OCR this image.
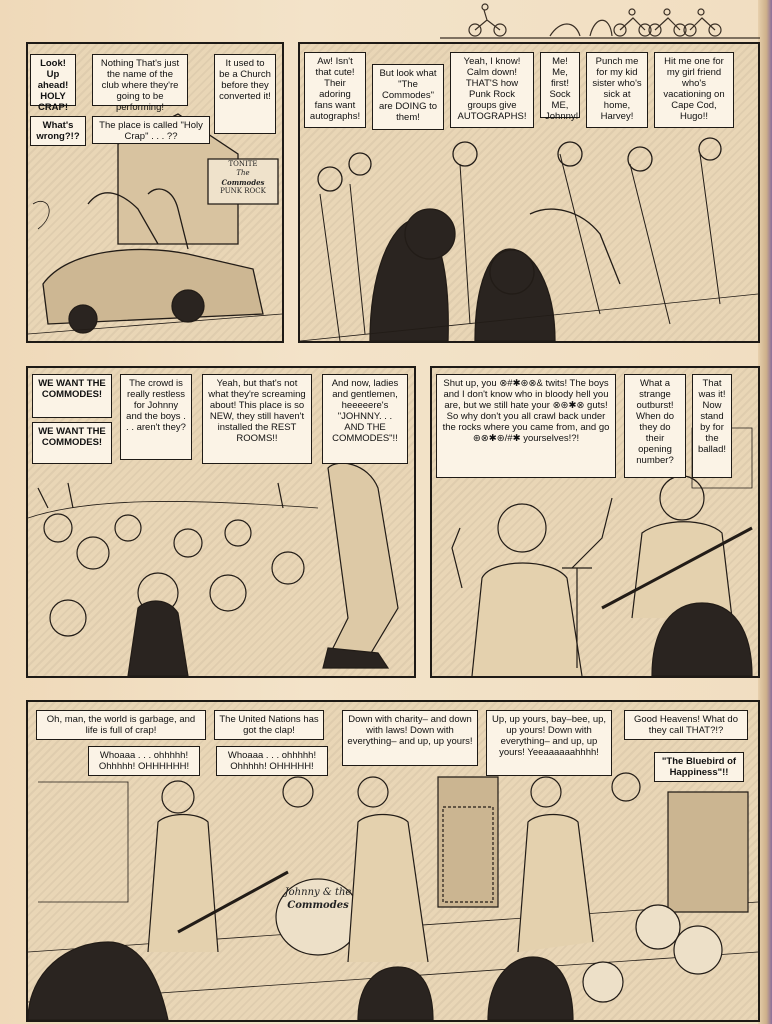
TONITE
The
Commodes
PUNK ROCK
Look! Up ahead! HOLY CRAP!
Nothing That's just the name of the club where they're going to be performing!
It used to be a Church before they converted it!
What's wrong?!?
The place is called "Holy Crap" . . . ??
Aw! Isn't that cute! Their adoring fans want autographs!
But look what "The Commodes" are DOING to them!
Yeah, I know! Calm down! THAT'S how Punk Rock groups give AUTOGRAPHS!
Me! Me, first! Sock ME, Johnny!
Punch me for my kid sister who's sick at home, Harvey!
Hit me one for my girl friend who's vacationing on Cape Cod, Hugo!!
WE WANT THE COMMODES!
WE WANT THE COMMODES!
The crowd is really restless for Johnny and the boys . . . aren't they?
Yeah, but that's not what they're screaming about! This place is so NEW, they still haven't installed the REST ROOMS!!
And now, ladies and gentlemen, heeeeere's "JOHNNY. . . AND THE COMMODES"!!
Shut up, you ⊗#✱⊛⊗& twits! The boys and I don't know who in bloody hell you are, but we still hate your ⊗⊛✱⊗ guts! So why don't you all crawl back under the rocks where you came from, and go ⊛⊗✱⊛/#✱ yourselves!?!
What a strange outburst! When do they do their opening number?
That was it! Now stand by for the ballad!
Johnny & the
Commodes
Oh, man, the world is garbage, and life is full of crap!
The United Nations has got the clap!
Down with charity– and down with laws! Down with everything– and up, up yours!
Up, up yours, bay–bee, up, up yours! Down with everything– and up, up yours! Yeeaaaaaahhhh!
Good Heavens! What do they call THAT?!?
Whoaaa . . . ohhhhh! Ohhhhh! OHHHHHH!
Whoaaa . . . ohhhhh! Ohhhhh! OHHHHH!	"The Bluebird of Happiness"!!
